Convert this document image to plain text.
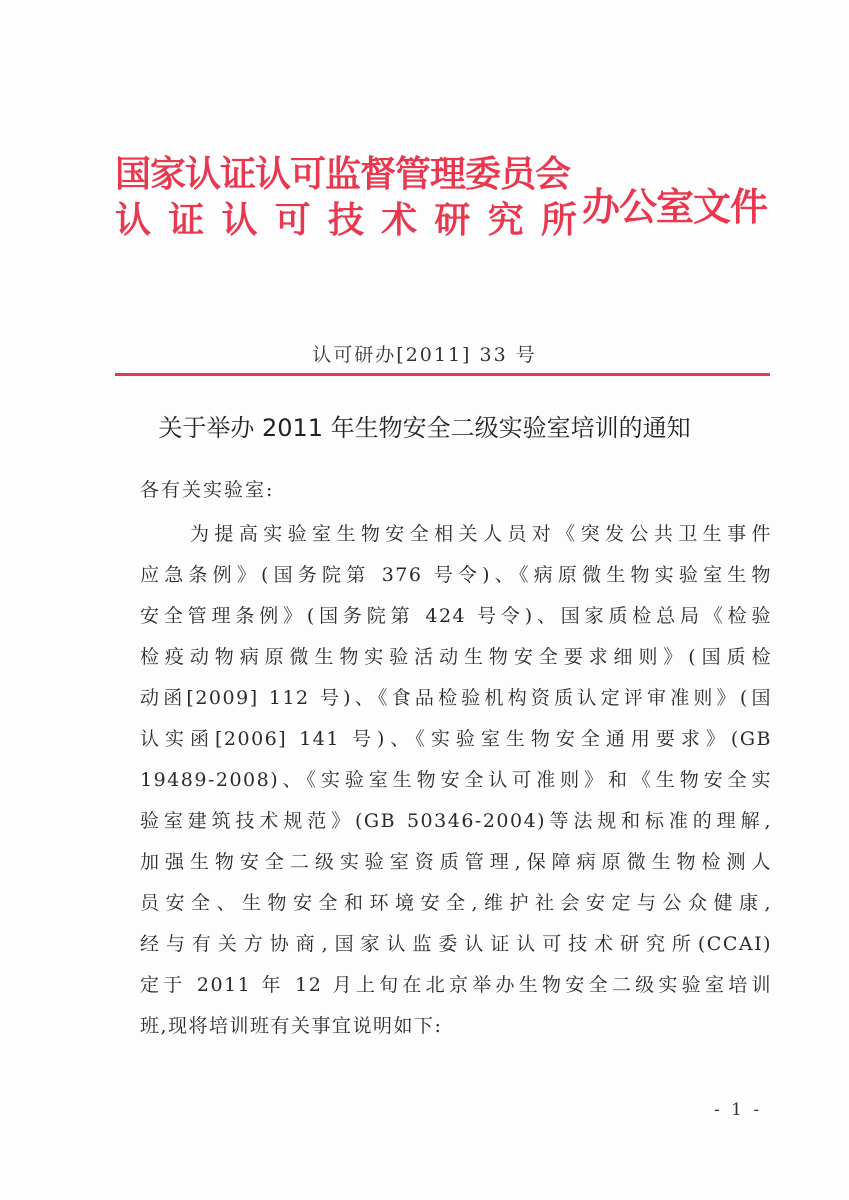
国家认证认可监督管理委员会
认 证 认 可 技 术 研 究 所 办公室文件
认可研办[2011] 33 号
关于举办 2011 年生物安全二级实验室培训的通知
各有关实验室:
为提高实验室生物安全相关人员对《突发公共卫生事件
应急条例》(国务院第 376 号令)、《病原微生物实验室生物
安全管理条例》(国务院第 424 号令)、国家质检总局《检验
检疫动物病原微生物实验活动生物安全要求细则》(国质检
动函[2009] 112 号)、《食品检验机构资质认定评审准则》(国
认实函[2006] 141 号)、《实验室生物安全通用要求》(GB
19489-2008)、《实验室生物安全认可准则》和《生物安全实
验室建筑技术规范》(GB 50346-2004)等法规和标准的理解,
加强生物安全二级实验室资质管理,保障病原微生物检测人
员安全、生物安全和环境安全,维护社会安定与公众健康,
经与有关方协商,国家认监委认证认可技术研究所(CCAI)
定于 2011 年 12 月上旬在北京举办生物安全二级实验室培训
班,现将培训班有关事宜说明如下:
- 1 -
